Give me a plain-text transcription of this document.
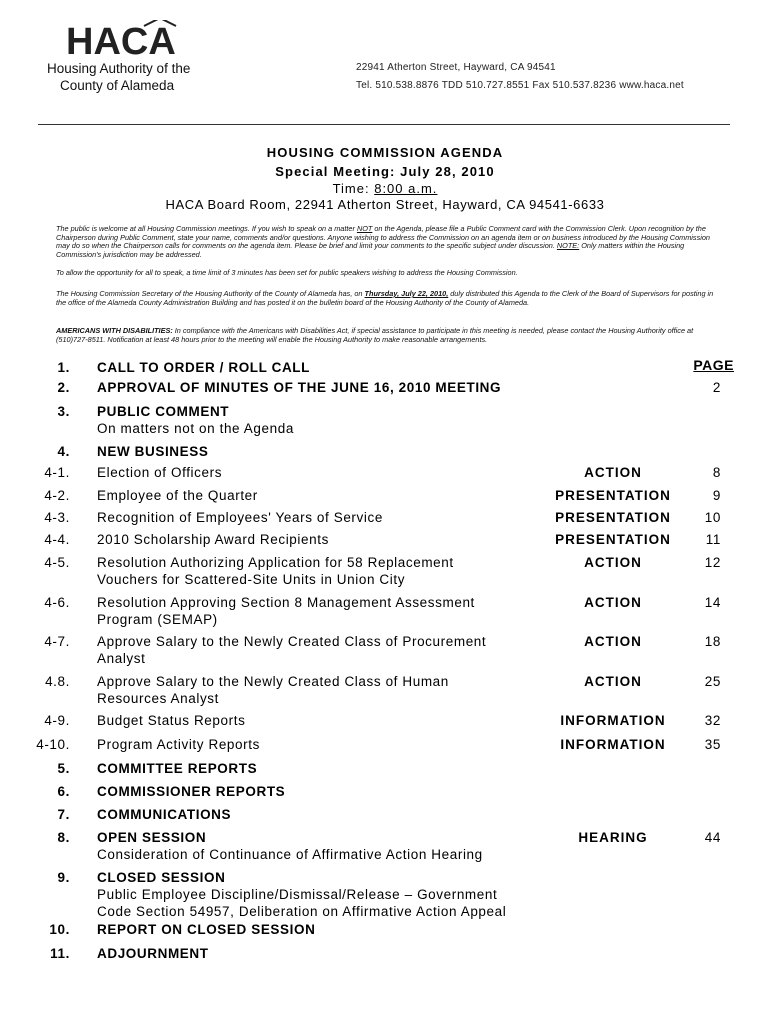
HACA
Housing Authority of the
County of Alameda
22941 Atherton Street, Hayward, CA 94541
Tel. 510.538.8876 TDD 510.727.8551 Fax 510.537.8236 www.haca.net
HOUSING COMMISSION AGENDA
Special Meeting: July 28, 2010
Time: 8:00 a.m.
HACA Board Room, 22941 Atherton Street, Hayward, CA 94541-6633
The public is welcome at all Housing Commission meetings. If you wish to speak on a matter NOT on the Agenda, please file a Public Comment card with the Commission Clerk. Upon recognition by the Chairperson during Public Comment, state your name, comments and/or questions. Anyone wishing to address the Commission on an agenda item or on business introduced by the Housing Commission may do so when the Chairperson calls for comments on the agenda item. Please be brief and limit your comments to the specific subject under discussion. NOTE: Only matters within the Housing Commission's jurisdiction may be addressed.
To allow the opportunity for all to speak, a time limit of 3 minutes has been set for public speakers wishing to address the Housing Commission.
The Housing Commission Secretary of the Housing Authority of the County of Alameda has, on Thursday, July 22, 2010, duly distributed this Agenda to the Clerk of the Board of Supervisors for posting in the office of the Alameda County Administration Building and has posted it on the bulletin board of the Housing Authority of the County of Alameda.
AMERICANS WITH DISABILITIES: In compliance with the Americans with Disabilities Act, if special assistance to participate in this meeting is needed, please contact the Housing Authority office at (510)727-8511. Notification at least 48 hours prior to the meeting will enable the Housing Authority to make reasonable arrangements.
PAGE
1. CALL TO ORDER / ROLL CALL
2. APPROVAL OF MINUTES OF THE JUNE 16, 2010 MEETING	2
3. PUBLIC COMMENT
On matters not on the Agenda
4. NEW BUSINESS
4-1. Election of Officers	ACTION	8
4-2. Employee of the Quarter	PRESENTATION	9
4-3. Recognition of Employees' Years of Service	PRESENTATION	10
4-4. 2010 Scholarship Award Recipients	PRESENTATION	11
4-5. Resolution Authorizing Application for 58 Replacement	ACTION	12
Vouchers for Scattered-Site Units in Union City
4-6. Resolution Approving Section 8 Management Assessment	ACTION	14
Program (SEMAP)
4-7. Approve Salary to the Newly Created Class of Procurement	ACTION	18
Analyst
4.8. Approve Salary to the Newly Created Class of Human	ACTION	25
Resources Analyst
4-9. Budget Status Reports	INFORMATION	32
4-10. Program Activity Reports	INFORMATION	35
5. COMMITTEE REPORTS
6. COMMISSIONER REPORTS
7. COMMUNICATIONS
8. OPEN SESSION	HEARING	44
Consideration of Continuance of Affirmative Action Hearing
9. CLOSED SESSION
Public Employee Discipline/Dismissal/Release – Government
Code Section 54957, Deliberation on Affirmative Action Appeal
10. REPORT ON CLOSED SESSION
11. ADJOURNMENT
